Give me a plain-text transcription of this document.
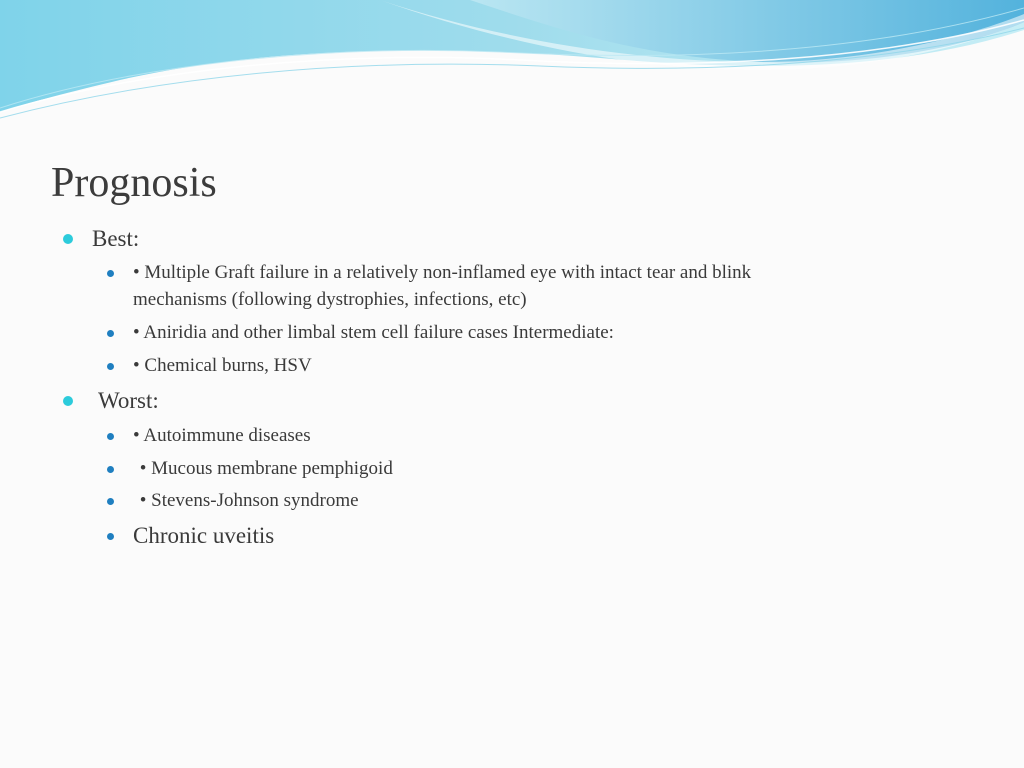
Prognosis
Best:
• Multiple Graft failure in a relatively non-inflamed eye with intact tear and blink
mechanisms (following dystrophies, infections, etc)
• Aniridia and other limbal stem cell failure cases Intermediate:
• Chemical burns, HSV
Worst:
• Autoimmune diseases
• Mucous membrane pemphigoid
• Stevens-Johnson syndrome
Chronic uveitis
